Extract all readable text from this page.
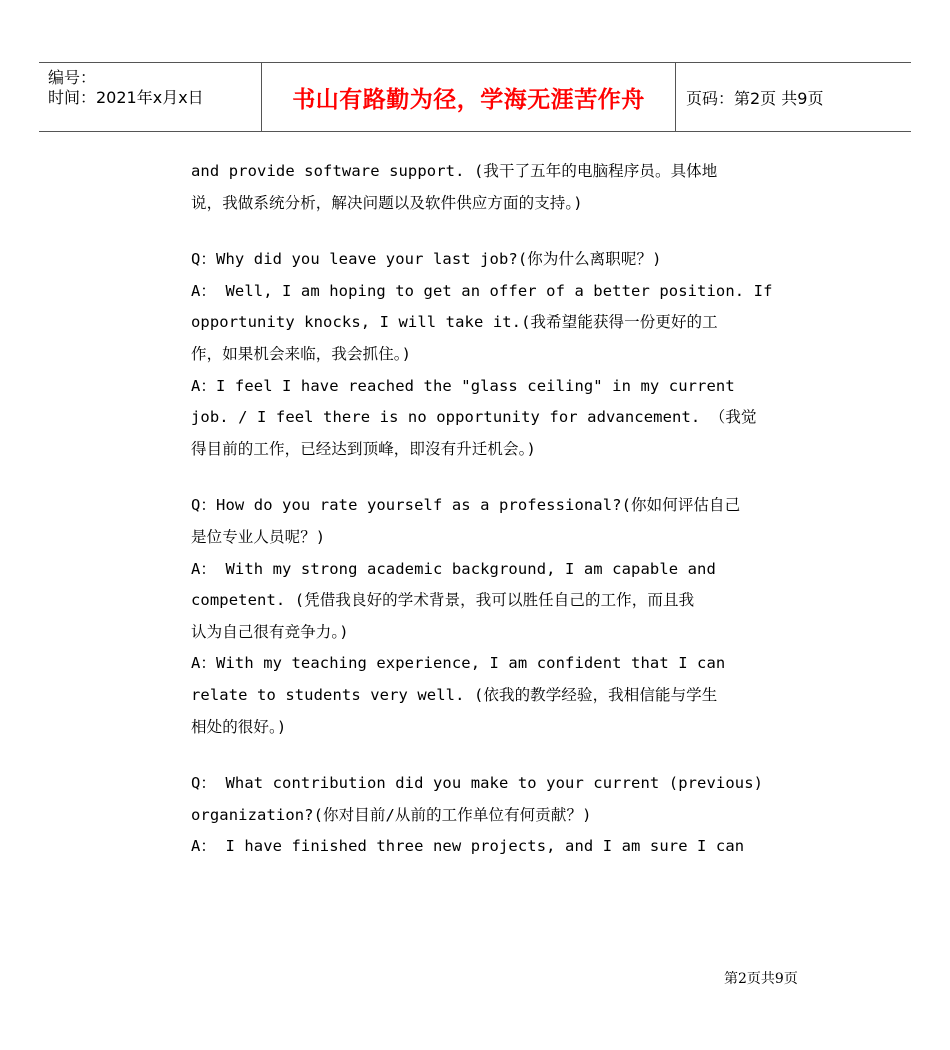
编号：
时间：2021年x月x日	书山有路勤为径，学海无涯苦作舟	页码：第2页 共9页

and provide software support. (我干了五年的电脑程序员。具体地

说，我做系统分析，解决问题以及软件供应方面的支持。)

Q：Why did you leave your last job?(你为什么离职呢？)

A： Well, I am hoping to get an offer of a better position. If

opportunity knocks, I will take it.(我希望能获得一份更好的工

作，如果机会来临，我会抓住。)

A：I feel I have reached the "glass ceiling" in my current

job. / I feel there is no opportunity for advancement. （我觉

得目前的工作，已经达到顶峰，即沒有升迁机会。)

Q：How do you rate yourself as a professional?(你如何评估自己

是位专业人员呢？)

A： With my strong academic background, I am capable and

competent. (凭借我良好的学术背景，我可以胜任自己的工作，而且我

认为自己很有竞争力。)

A：With my teaching experience, I am confident that I can

relate to students very well. (依我的教学经验，我相信能与学生

相处的很好。)

Q： What contribution did you make to your current (previous)

organization?(你对目前/从前的工作单位有何贡献？)

A： I have finished three new projects, and I am sure I can

第2页共9页
